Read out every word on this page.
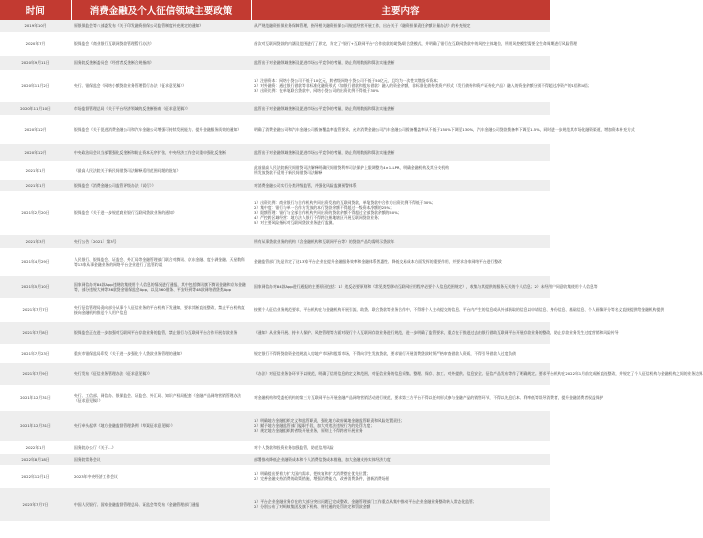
时间	消费金融及个人征信领域主要政策	主要内容
2019年10月	原银保监会等八部委发布《关于印发融资担保公司监管制度补充规定的通知》	从严规范融资担保业务保障管理，指导相关融资担保公司规范经营开展工作，出台关于《融资担保责任余额计量办法》的补充规定

2020年7月	银保监会《商业银行互联网贷款管理暂行办法》	首次对互联网贷款的内涵及范围进行了界定，肯定了"银行+互联网平台"合作放款的助贷/联合贷模式，并明确了银行在互联网贷款中的风控主体地位，所用风控模型需要全生命周期进行风险管理

2020年9月11日	国务院反垄断委员会《经营者反垄断合规指南》	监管出于对金融领域垄断及促进市场公平竞争的考量，防止利用数据和算法实施垄断

2020年11月2日	央行、银保监会《网络小额贷款业务管理暂行办法（征求意见稿）》	1）注册资本：网络小贷公司不低于10亿元，跨省级网络小贷公司不低于50亿元，且均为一次性实缴货币资本；
2）对外融资：通过银行借款等非标准化融资形式（如银行借款和股东借款）融入的资金余额，非标准化债券类资产形式（发行债券和资产证券化产品）融入的资金余额分别不得超过净资产的1倍和4倍；
3）出资比例：在单笔联合贷款中，网络小贷公司的出资比例不得低于30%

2020年11月10日	市场监督管理总局《关于平台经济领域的反垄断指南（征求意见稿）》	监管出于对金融领域垄断及促进市场公平竞争的考量，防止利用数据和算法实施垄断

2020年12月	银保监会《关于促进消费金融公司和汽车金融公司增强可持续发展能力、提升金融服务质效的通知》	明确了消费金融公司和汽车金融公司拨备覆盖率监管要求，允许消费金融公司汽车金融公司拨备覆盖率从不低于150%下调至130%，汽车金融公司贷款拨备率下调至1.5%，同时进一步规范其市场化融资渠道，增加资本补充方式

2020年12月	中央政治局会议当部署强化反垄断和防止资本无序扩张，中央经济工作会议重申强化反垄断	监管出于对金融领域垄断及促进市场公平竞争的考量，防止利用数据和算法实施垄断

2021年1月	《最高人民法院关于新民间借贷司法解释适用范围问题的批复》	此前最高人民法院新民间借贷司法解释明确民间借贷利率司法保护上限调整为4×1-LPR，明确金融机构及其分支机构
所发放贷款不适用于新民间借贷司法解释

2021年1月	银保监会《消费金融公司监管评级办法（试行）》	对消费金融公司实行分类评级监管，并强化风险监测预警体系

2021年2月20日	银保监会《关于进一步规范商业银行互联网贷款业务的通知》	1）出资比例：商业银行与合作机构共同出资发放的互联网贷款，单笔贷款中合作方出资比例不得低于30%；
2）集中度：银行与单一合作方发放的本行贷款余额不得超过一级资本净额的25%；
3）限额管理：银行与全部合作机构共同出资的贷款余额不得超过全部贷款余额的50%；
4）严控跨区域经营：地方法人银行不得跨注册地辖区开展互联网贷款业务；
5）对主要风险指标对互联网贷款业务进行监测。

2021年3月	央行公告〔2021〕第3号	所有从事贷款业务的机构（含金融机构和互联网平台等）的贷款产品均需明示贷款年

2021年4月29日	人民银行、银保监会、证监会、外汇局等金融管理部门联合对腾讯、京东金融、度小满金融、天星数科等13家从事金融业务的网络平台企业进行了监管约谈	金融监管部门先是肯定了这13家平台企业在提升金融服务效率和金融体系普惠性、降低交易成本方面发挥的重要作用，并要求各家网络平台进行整改

2021年5月10日	国家网信办对84款App违规收集使用个人信息的情况进行通报，其中包括腾讯旗下腾讯金融和京东金融等，部分违规大神等36款贷金银保监会App，以及360借条、平安好到等48款网络借贷类App	国家网信办对84款App进行通报的主要原因包括：1）违反必要原则和《常见类型移动互联网应用程序必要个人信息范围规定》，收集与其提供的服务无关的个人信息；2）未经用户同意收集使用个人信息等

2021年7月7日	央行征信管理局责向部分从事个人征信业务的平台机构下发通知，要求其断直连整改，禁止平台机构直接向金融机构推送个人用户信息	按照个人征信业务规范要求，平台机构在与金融机构开展引流、助贷、联合贷款等业务合作中，不得将个人主动提交的信息、平台内产生的信息或从外部获取的信息以申请信息、身份信息、基础信息、个人画像评分等名义直接提供给金融机构提供

2021年7月8日	银保监会正在进一步加强对互联网平台存款业务的监管，禁止银行与互联网平台合作开展存款业务	《通知》从业务开展、持卡人保护、风控管理等方面对现行个人互联网存款业务进行规范，进一步明确了监管要求，重点在于推进过去由银行借助互联网平台开展存款业务的整改，防止存款业务发生过度营销和风险传导

2021年7月23日	重庆市银保监局印发《关于进一步强化个人贷款业务管理的通知》	规定银行不得将贷款资金违规流入房地产市场和股票市场，不得向学生发放贷款，要求银行开展消费贷款时须严格审查借款人资质，不得引导借款人过度负债

2021年7月9日	央行发布《征信业务管理办法（征求意见稿）》	《办法》对征信业务各环节予以规范，明确了信用信息的定义和范围，对征信业务的信息采集、整理、保存、加工、对外提供、信息安全、征信产品发布等作了明确规定。要求平台机构在2022年1月前完成断直连整改，并规定了个人征信机构与金融机构之间的业务边界

2021年12月31日	央行、工信部、网信办、银保监会、证监会、外汇局、知识产权局配套《金融产品网络营销管理办法（征求意见稿）》	对金融机构和受委托机构的第三方互联网平台开展金融产品网络营销活动进行规范，要求第三方平台不得以任何形式参与金融产品的销售环节，不得以先息后本、利率低等误导消费者，提升金融消费者权益保护

2021年12月31日	央行牵头起草《地方金融监督管理条例（草案征求意见稿）》	1）明确地方金融组织定义和监管职责，强化地方政府属地金融监管职责和风险处置责任；
2）赋予地方金融监管部门履职手段，加大对违法违规行为的处罚力度；
3）规定地方金融组织跨省级开展业务，原则上不得跨省开展业务

2022年1月	国务院办公厅《关于...》	对个人贷款和投资业务加强监管，防范信用风险

2022年8月18日	国务院常务会议	部署推动降低企业融资成本和个人消费信贷成本措施，加大金融支持实体经济力度

2022年12月1日	2023年中央经济工作会议	1）明确提出要着力扩大国内需求，把恢复和扩大消费摆在优先位置；
2）完善金融支持消费的政策措施，增强消费能力，改善消费条件，创新消费场景

2023年7月7日	中国人民银行、国家金融监督管理总局、证监会等发布《金融管理部门通报	1）平台企业金融业务存在的大部分突出问题已完成整改，金融管理部门工作重点从集中推动平台企业金融业务整改转入常态化监管；
2）分别公布了对蚂蚁集团及旗下机构、财付通的处罚决定和罚款金额
